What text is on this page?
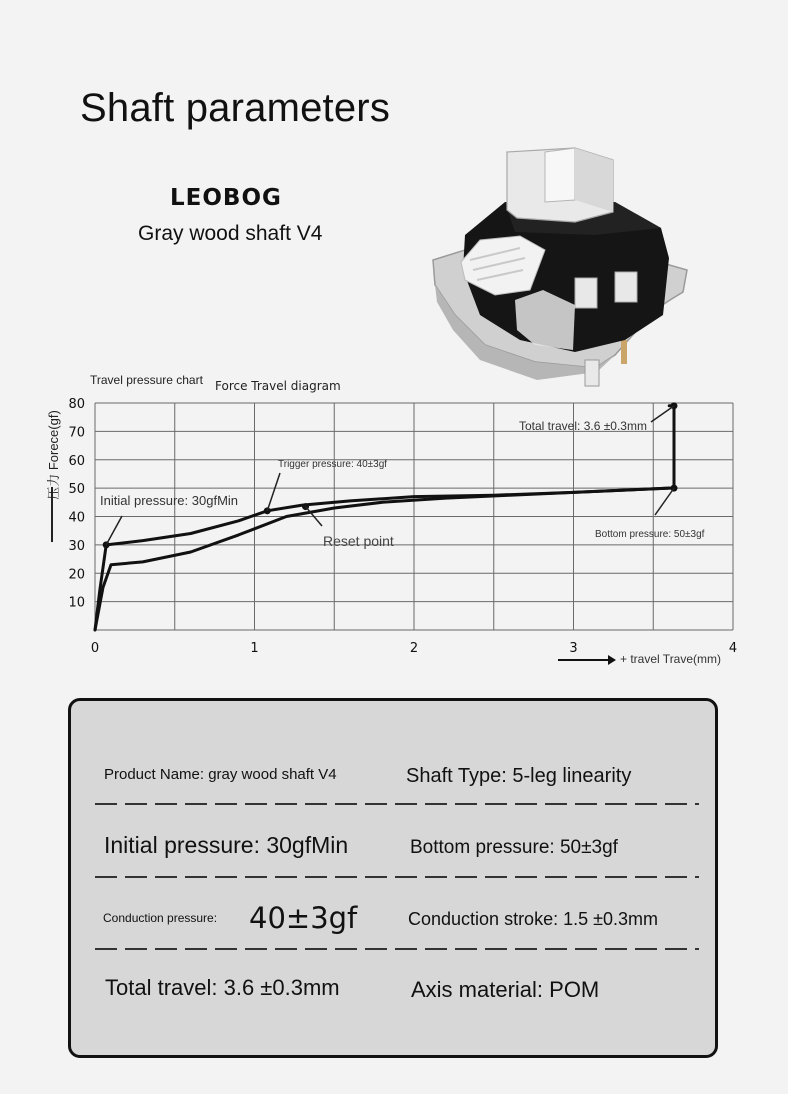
Shaft parameters
LEOBOG
Gray wood shaft V4
0	1	2	3	4
10
20
30
40
50
60
70
80
压力 Forece(gf)
Travel pressure chart Force Travel diagram
+ travel Trave(mm)
Initial pressure: 30gfMin
Trigger pressure: 40±3gf
Reset point	Bottom pressure: 50±3gf
Total travel: 3.6 ±0.3mm
Product Name: gray wood shaft V4	Shaft Type: 5-leg linearity
Initial pressure: 30gfMin	Bottom pressure: 50±3gf
Conduction pressure: 40±3gf	Conduction stroke: 1.5 ±0.3mm
Total travel: 3.6 ±0.3mm	Axis material: POM
